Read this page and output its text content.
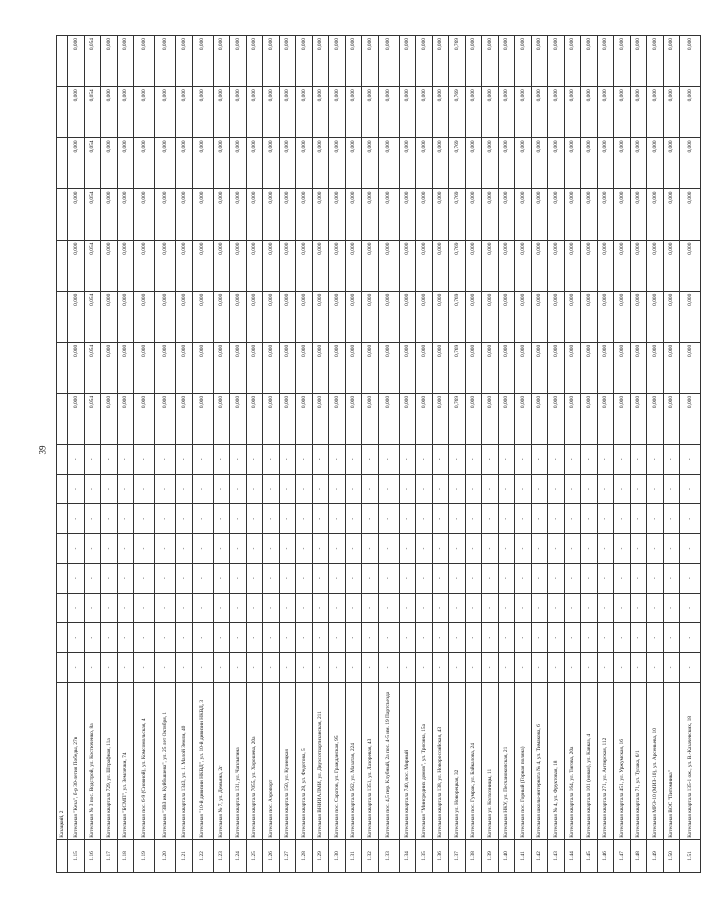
39
	Казацкий, 2																
1.15	Котельная "Кеза", б-р 30-летия Победы, 27в	-	-	-	-	-	-	-	-	0,000	0,000	0,000	0,000	0,000	0,000	0,000	0,000
1.16	Котельная № 3 пос. Водстрой, ул. Костюченко, 8а	-	-	-	-	-	-	-	-	0,054	0,054	0,054	0,054	0,054	0,054	0,054	0,054
1.17	Котельная квартала 729, ул. Штрафная, 11а	-	-	-	-	-	-	-	-	0,000	0,000	0,000	0,000	0,000	0,000	0,000	0,000
1.18	Котельная "БСМП", ул. Землячки, 74	-	-	-	-	-	-	-	-	0,000	0,000	0,000	0,000	0,000	0,000	0,000	0,000
1.19	Котельная пос. 6-9 (Сновной), ул. Комсомольская, 4	-	-	-	-	-	-	-	-	0,000	0,000	0,000	0,000	0,000	0,000	0,000	0,000
1.20	Котельная "ЗВЗ им. Куйбышева", ул. 25 лет Октября, 1	-	-	-	-	-	-	-	-	0,000	0,000	0,000	0,000	0,000	0,000	0,000	0,000
1.21	Котельная квартала 1343, ул. 1. Малой Земли, 40	-	-	-	-	-	-	-	-	0,000	0,000	0,000	0,000	0,000	0,000	0,000	0,000
1.22	Котельная "10-й дивизии НКВД", ул. 10-й дивизии НКВД, 3	-	-	-	-	-	-	-	-	0,000	0,000	0,000	0,000	0,000	0,000	0,000	0,000
1.23	Котельная № 7, ул. Демьяна, 2г	-	-	-	-	-	-	-	-	0,000	0,000	0,000	0,000	0,000	0,000	0,000	0,000
1.24	Котельная квартала 131, ул. Чаплыгина	-	-	-	-	-	-	-	-	0,000	0,000	0,000	0,000	0,000	0,000	0,000	0,000
1.25	Котельная квартала 7055, ул. Хорошева, 20а	-	-	-	-	-	-	-	-	0,000	0,000	0,000	0,000	0,000	0,000	0,000	0,000
1.26	Котельная пос. Аэропорт	-	-	-	-	-	-	-	-	0,000	0,000	0,000	0,000	0,000	0,000	0,000	0,000
1.27	Котельная квартала 150, ул. Кузнецкая	-	-	-	-	-	-	-	-	0,000	0,000	0,000	0,000	0,000	0,000	0,000	0,000
1.28	Котельная квартала 28, ул. Федотова, 5	-	-	-	-	-	-	-	-	0,000	0,000	0,000	0,000	0,000	0,000	0,000	0,000
1.29	Котельная ВНИИАЛМИ, ул. Двухсотпартизанская, 211	-	-	-	-	-	-	-	-	0,000	0,000	0,000	0,000	0,000	0,000	0,000	0,000
1.30	Котельная пос. Саратов, ул. Гражданская, 95	-	-	-	-	-	-	-	-	0,000	0,000	0,000	0,000	0,000	0,000	0,000	0,000
1.31	Котельная квартала 562, ул. Мазатая, 224	-	-	-	-	-	-	-	-	0,000	0,000	0,000	0,000	0,000	0,000	0,000	0,000
1.32	Котельная квартала 1351, ул. Лазоревая, 43	-	-	-	-	-	-	-	-	0,000	0,000	0,000	0,000	0,000	0,000	0,000	0,000
1.33	Котельная пос. 4,5 пер. Клубный, 2а пос. 4-5 им. 19 Партсъезда	-	-	-	-	-	-	-	-	0,000	0,000	0,000	0,000	0,000	0,000	0,000	0,000
1.34	Котельная квартала 740, пос. Мирный	-	-	-	-	-	-	-	-	0,000	0,000	0,000	0,000	0,000	0,000	0,000	0,000
1.35	Котельная "Минсредних домов", ул. Трясина, 15а	-	-	-	-	-	-	-	-	0,000	0,000	0,000	0,000	0,000	0,000	0,000	0,000
1.36	Котельная квартала 138, ул. Новороссийская, 43	-	-	-	-	-	-	-	-	0,000	0,000	0,000	0,000	0,000	0,000	0,000	0,000
1.37	Котельная ул. Новорецкая, 32	-	-	-	-	-	-	-	-	0,769	0,769	0,769	0,769	0,769	0,769	0,769	0,769
1.38	Котельная пос. Гумрак, ул. Байкалова, 24	-	-	-	-	-	-	-	-	0,000	0,000	0,000	0,000	0,000	0,000	0,000	0,000
1.39	Котельная ул. Колхозницы, 11	-	-	-	-	-	-	-	-	0,000	0,000	0,000	0,000	0,000	0,000	0,000	0,000
1.40	Котельная НКУ, ул. Песчанокопская, 21	-	-	-	-	-	-	-	-	0,000	0,000	0,000	0,000	0,000	0,000	0,000	0,000
1.41	Котельная пос. Горный (Горная поляна)	-	-	-	-	-	-	-	-	0,000	0,000	0,000	0,000	0,000	0,000	0,000	0,000
1.42	Котельная школы-интерната № 4, ул. Тимакова, 6	-	-	-	-	-	-	-	-	0,000	0,000	0,000	0,000	0,000	0,000	0,000	0,000
1.43	Котельная № 4, ул. Фруктовая, 18	-	-	-	-	-	-	-	-	0,000	0,000	0,000	0,000	0,000	0,000	0,000	0,000
1.44	Котельная квартала 164, ул. Тигова, 20а	-	-	-	-	-	-	-	-	0,000	0,000	0,000	0,000	0,000	0,000	0,000	0,000
1.45	Котельная квартала 101 (новая), ул. Кавказ, 4	-	-	-	-	-	-	-	-	0,000	0,000	0,000	0,000	0,000	0,000	0,000	0,000
1.46	Котельная квартала 271, ул. Антирская, 112	-	-	-	-	-	-	-	-	0,000	0,000	0,000	0,000	0,000	0,000	0,000	0,000
1.47	Котельная квартала 451, ул. Уржумская, 16	-	-	-	-	-	-	-	-	0,000	0,000	0,000	0,000	0,000	0,000	0,000	0,000
1.48	Котельная квартала 71, ул. Тулака, 6/1	-	-	-	-	-	-	-	-	0,000	0,000	0,000	0,000	0,000	0,000	0,000	0,000
1.49	Котельная МРЭ-10 (МИЗ-10), ул. Арсеньева, 10	-	-	-	-	-	-	-	-	0,000	0,000	0,000	0,000	0,000	0,000	0,000	0,000
1.50	Котельная ВОС "Питомника"	-	-	-	-	-	-	-	-	0,000	0,000	0,000	0,000	0,000	0,000	0,000	0,000
1.51	Котельная квартала 135-1 ож., ул. В.-Казачевских, 18	-	-	-	-	-	-	-	-	0,000	0,000	0,000	0,000	0,000	0,000	0,000	0,000
